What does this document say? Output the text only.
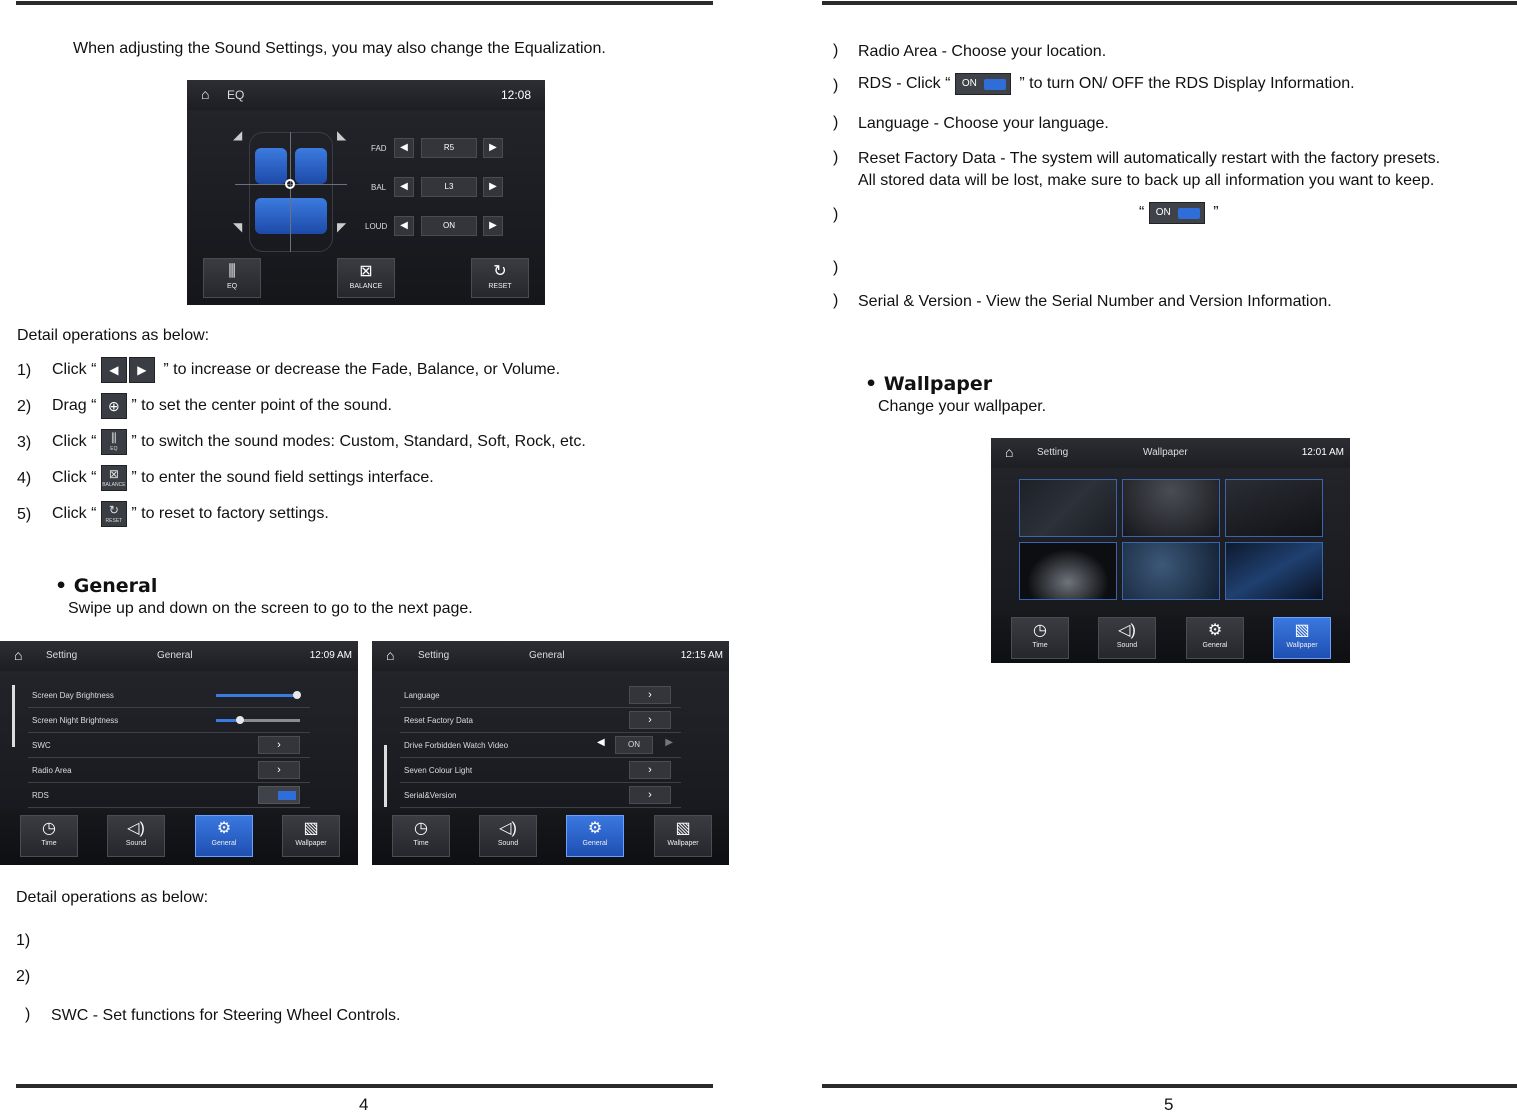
When adjusting the Sound Settings, you may also change the Equalization.
⌂ EQ	12:08
◢	◣
◥	◤
FAD	◀	R5	▶
BAL	◀	L3	▶
LOUD	◀	ON	▶
⫼
EQ
⊠
BALANCE
↻
RESET
Detail operations as below:
1) Click “ ◀ ▶ ” to increase or decrease the Fade, Balance, or Volume.
2) Drag “ ⊕ ” to set the center point of the sound.
3) Click “	⫼
EQ ” to switch the sound modes: Custom, Standard, Soft, Rock, etc.
4) Click “	⊠
BALANCE ” to enter the sound field settings interface.
5) Click “	↻
RESET ” to reset to factory settings.
• General
Swipe up and down on the screen to go to the next page.
⌂ Setting	General	12:09 AM
Screen Day Brightness
Screen Night Brightness
SWC	›
Radio Area	›
RDS
◷
Time
◁)
Sound
⚙
General
▧
Wallpaper
⌂ Setting	General	12:15 AM
Language	›
Reset Factory Data	›
Drive Forbidden Watch Video	◀	ON	▶
Seven Colour Light	›
Serial&Version	›
◷
Time
◁)
Sound
⚙
General
▧
Wallpaper
Detail operations as below:
1)
2)
) SWC - Set functions for Steering Wheel Controls.
4
) Radio Area - Choose your location.
) RDS - Click “ ON	” to turn ON/ OFF the RDS Display Information.
) Language - Choose your language.
) Reset Factory Data - The system will automatically restart with the factory presets.
All stored data will be lost, make sure to back up all information you want to keep.
)	“ ON	”
)
) Serial & Version - View the Serial Number and Version Information.
• Wallpaper
Change your wallpaper.
⌂ Setting	Wallpaper	12:01 AM
◷
Time
◁)
Sound
⚙
General
▧
Wallpaper
5
